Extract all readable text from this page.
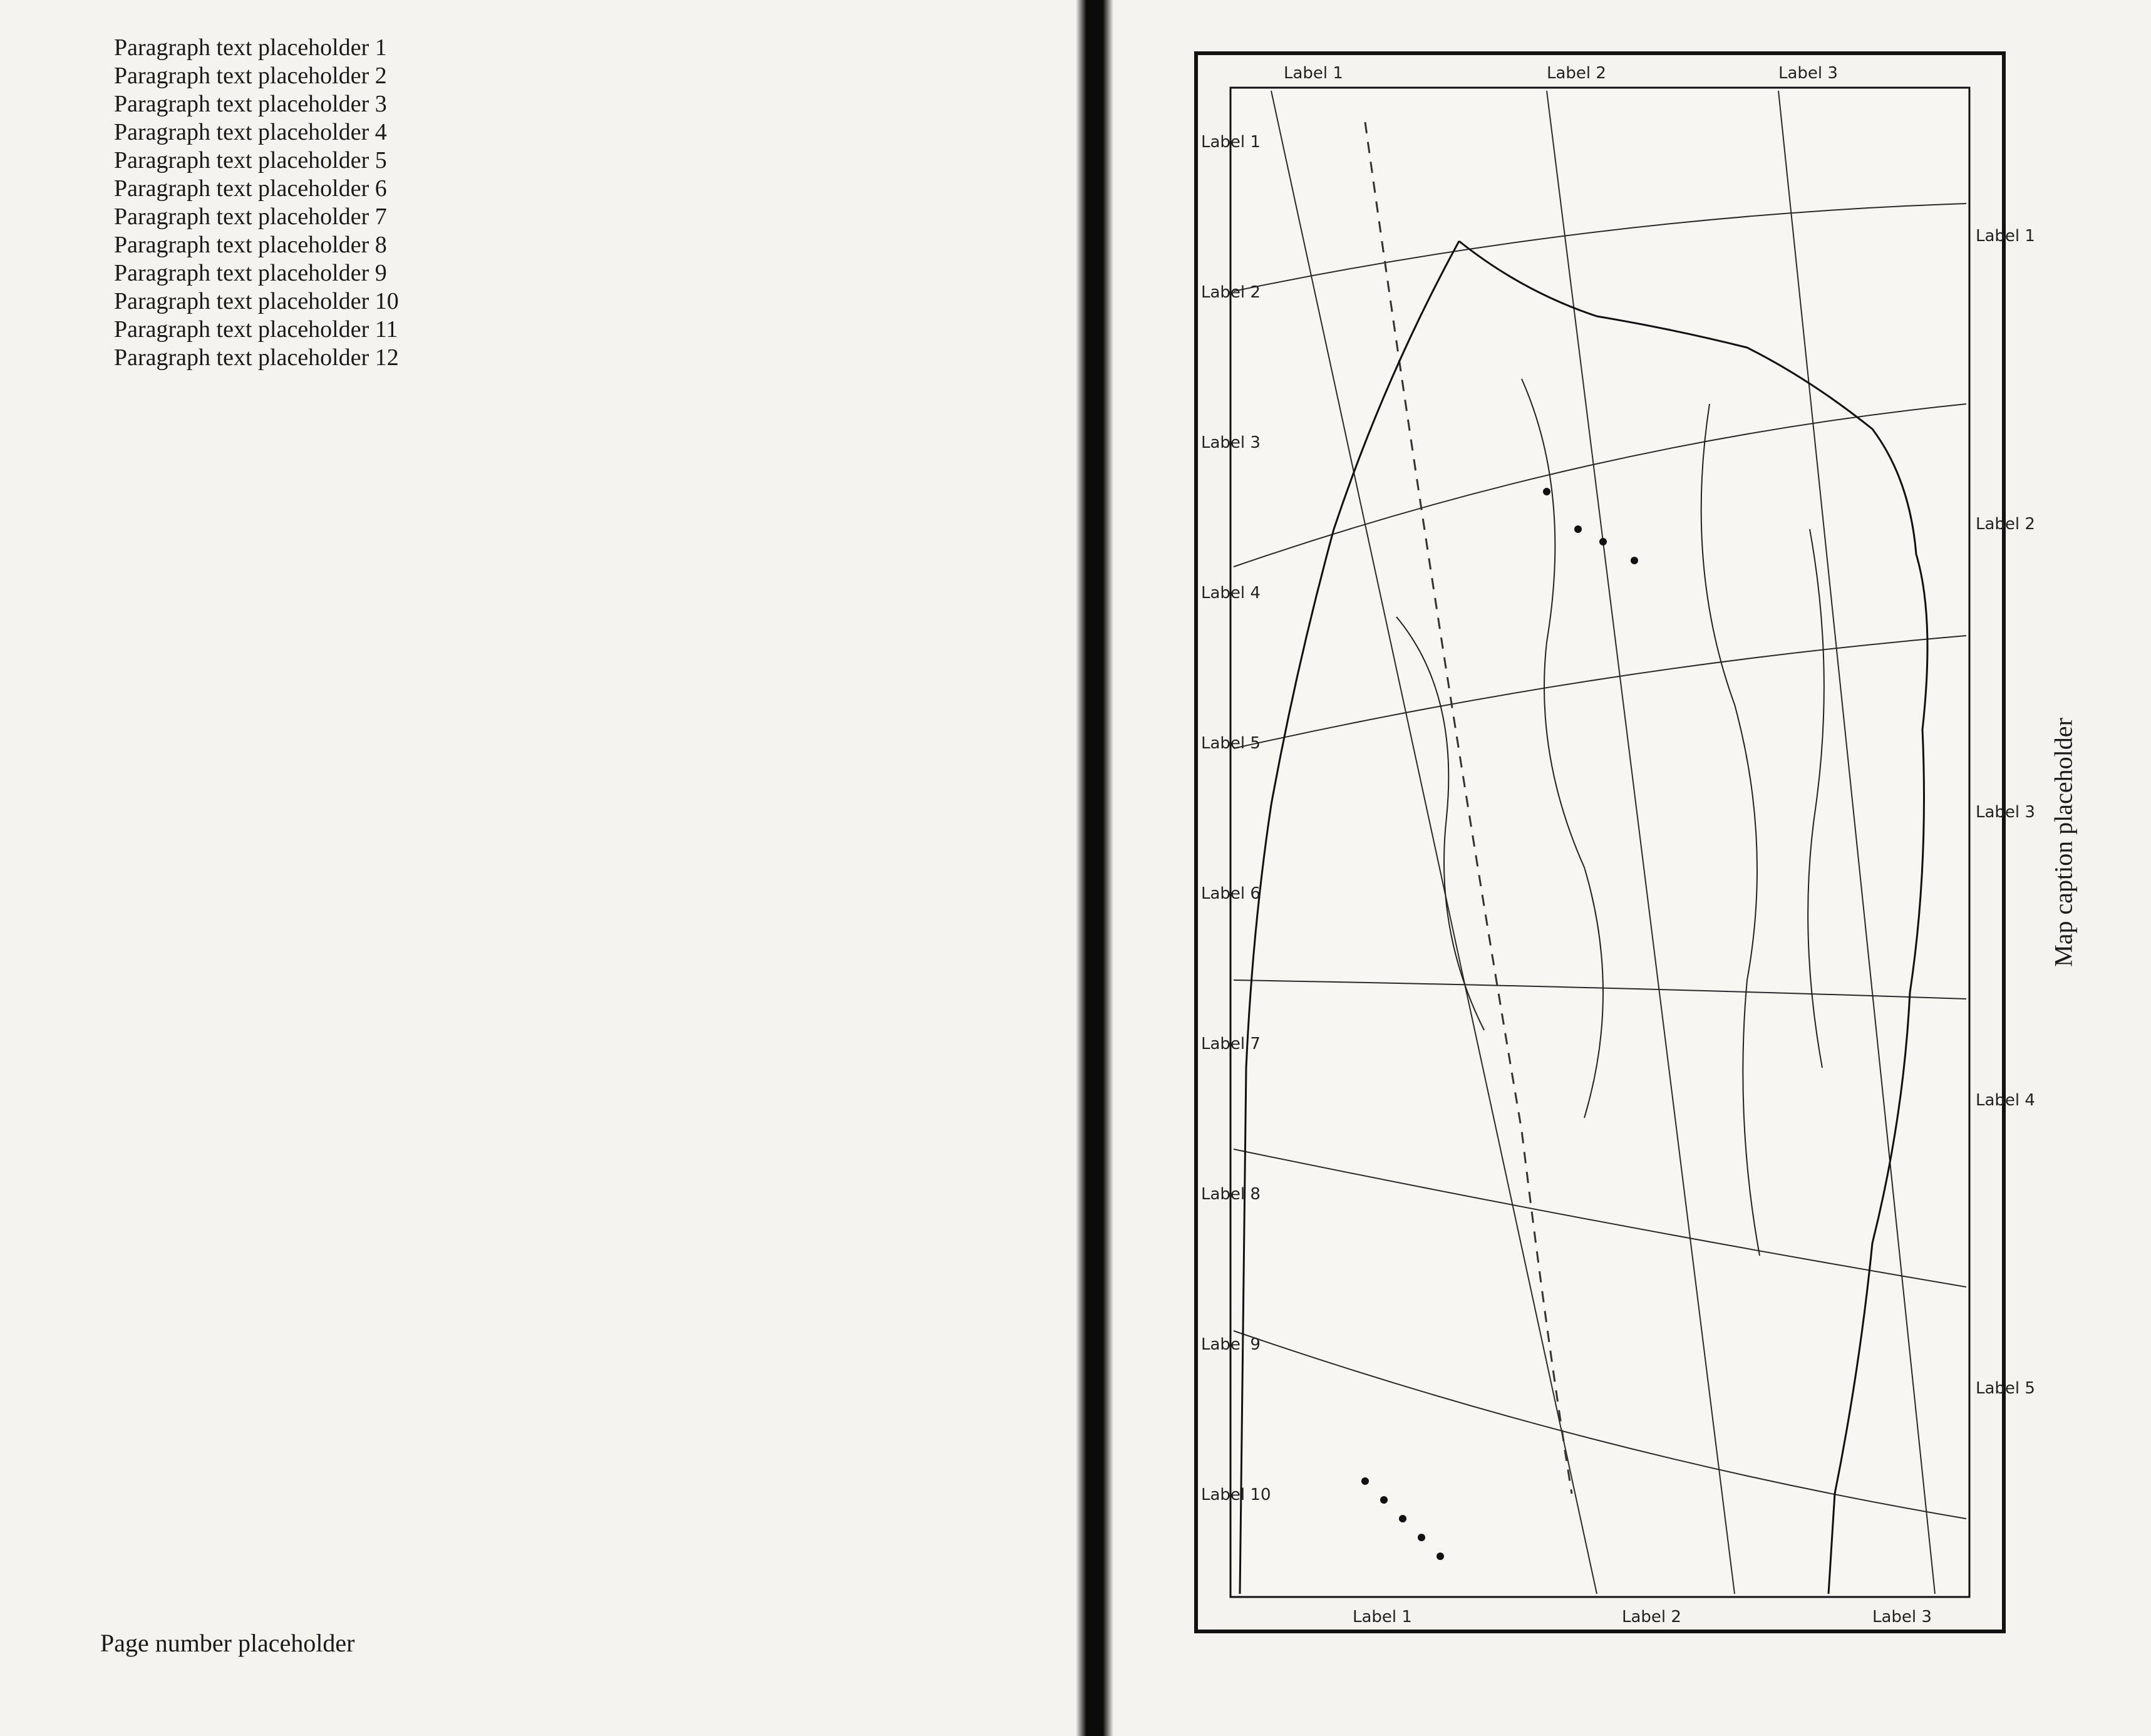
Paragraph text placeholder 1

Paragraph text placeholder 2

Paragraph text placeholder 3

Paragraph text placeholder 4

Paragraph text placeholder 5

Paragraph text placeholder 6

Paragraph text placeholder 7

Paragraph text placeholder 8

Paragraph text placeholder 9

Paragraph text placeholder 10

Paragraph text placeholder 11

Paragraph text placeholder 12

Page number placeholder
Label 1	Label 2	Label 3
Label 1	Label 2	Label 3
Label 1
Label 2
Label 3
Label 4
Label 5
Label 6
Label 7
Label 8
Label 9
Label 10
Label 1
Label 2
Label 3
Label 4
Label 5
Map caption placeholder
